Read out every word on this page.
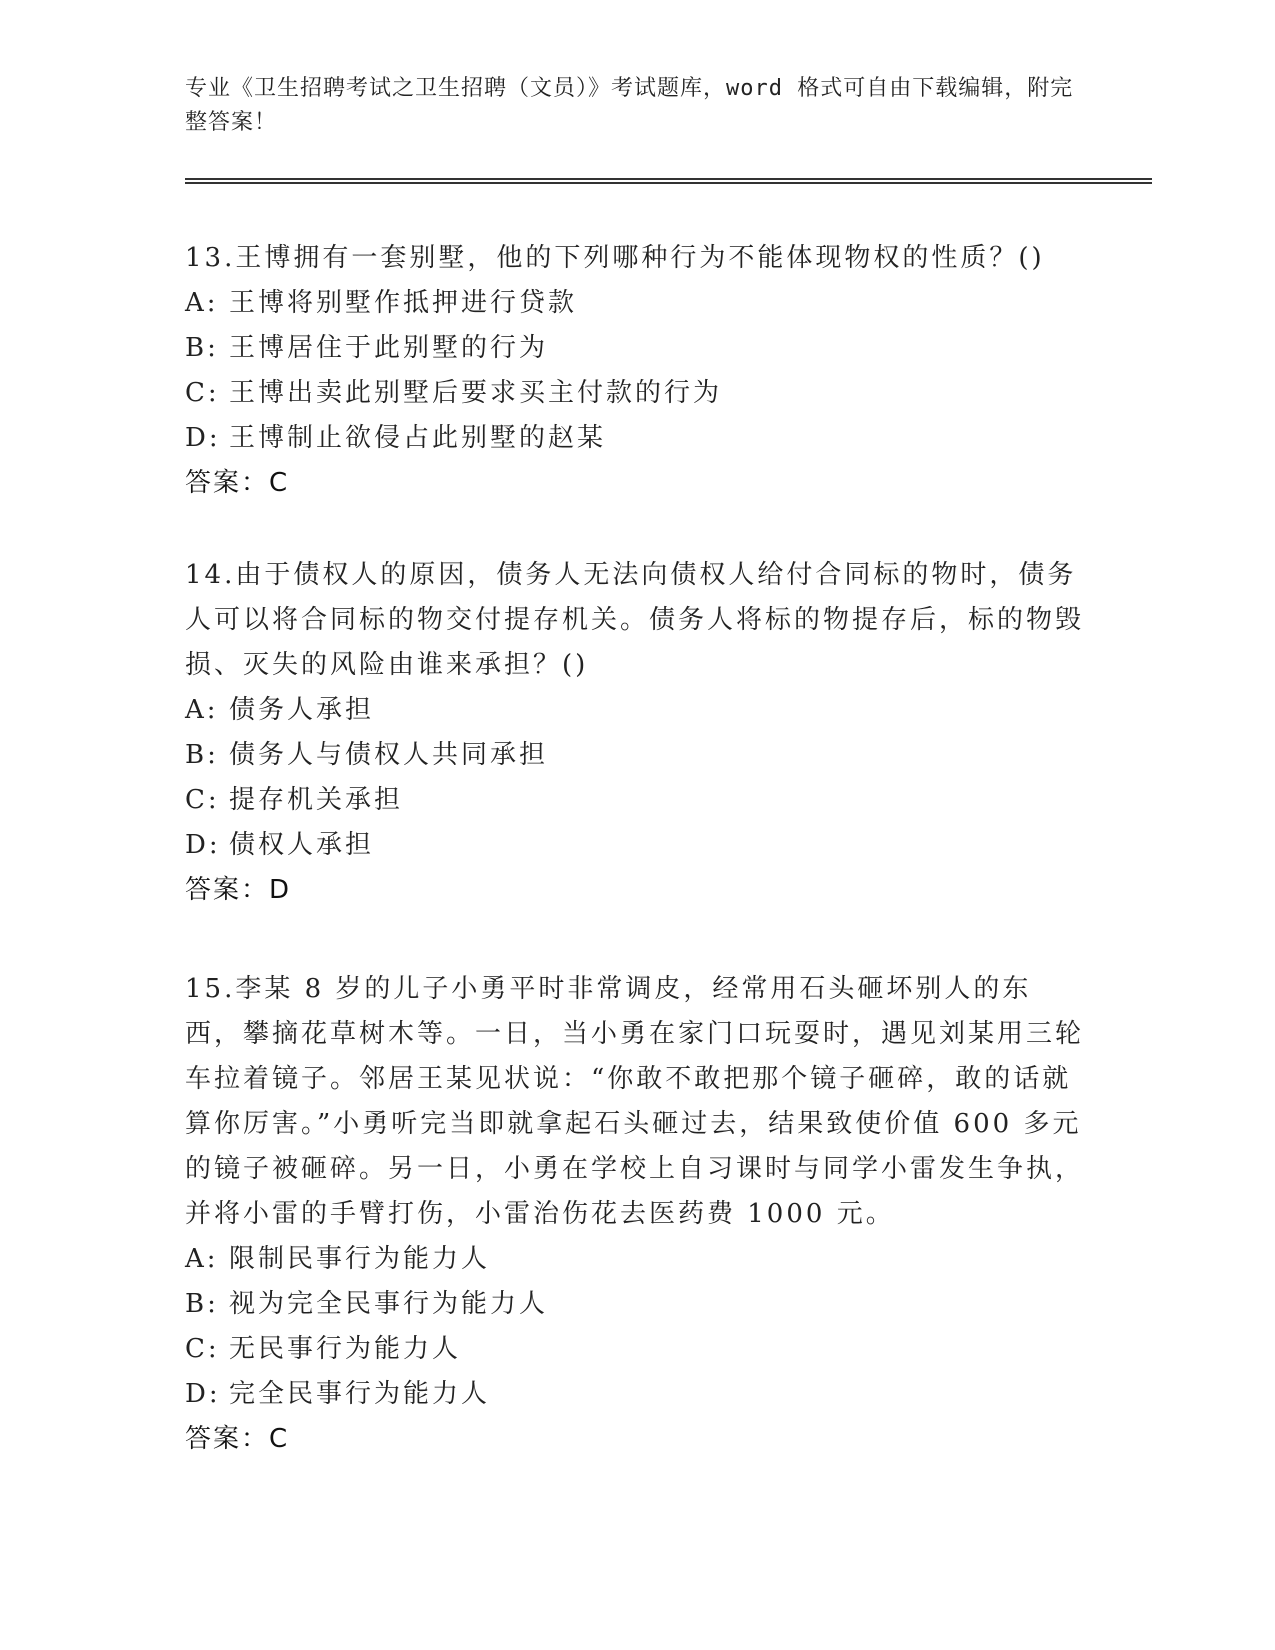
专业《卫生招聘考试之卫生招聘（文员）》考试题库，word 格式可自由下载编辑，附完整答案！

13.王博拥有一套别墅，他的下列哪种行为不能体现物权的性质？()

A: 王博将别墅作抵押进行贷款
B: 王博居住于此别墅的行为
C: 王博出卖此别墅后要求买主付款的行为
D: 王博制止欲侵占此别墅的赵某
答案：C

14.由于债权人的原因，债务人无法向债权人给付合同标的物时，债务人可以将合同标的物交付提存机关。债务人将标的物提存后，标的物毁损、灭失的风险由谁来承担？()

A: 债务人承担
B: 债务人与债权人共同承担
C: 提存机关承担
D: 债权人承担
答案：D

15.李某 8 岁的儿子小勇平时非常调皮，经常用石头砸坏别人的东西，攀摘花草树木等。一日，当小勇在家门口玩耍时，遇见刘某用三轮车拉着镜子。邻居王某见状说：“你敢不敢把那个镜子砸碎，敢的话就算你厉害。”小勇听完当即就拿起石头砸过去，结果致使价值 600 多元的镜子被砸碎。另一日，小勇在学校上自习课时与同学小雷发生争执，并将小雷的手臂打伤，小雷治伤花去医药费 1000 元。

A: 限制民事行为能力人
B: 视为完全民事行为能力人
C: 无民事行为能力人
D: 完全民事行为能力人
答案：C
